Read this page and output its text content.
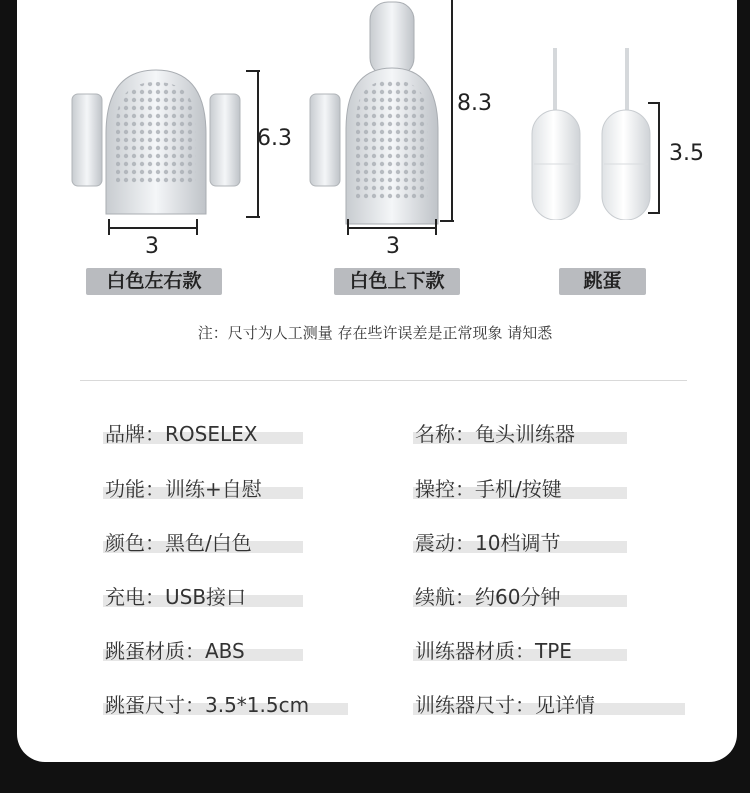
6.3
3
白色左右款
8.3
3
白色上下款
3.5
跳蛋
注：尺寸为人工测量 存在些许误差是正常现象 请知悉
品牌：ROSELEX	名称：龟头训练器
功能：训练+自慰	操控：手机/按键
颜色：黑色/白色	震动：10档调节
充电：USB接口	续航：约60分钟
跳蛋材质：ABS	训练器材质：TPE
跳蛋尺寸：3.5*1.5cm	训练器尺寸：见详情
